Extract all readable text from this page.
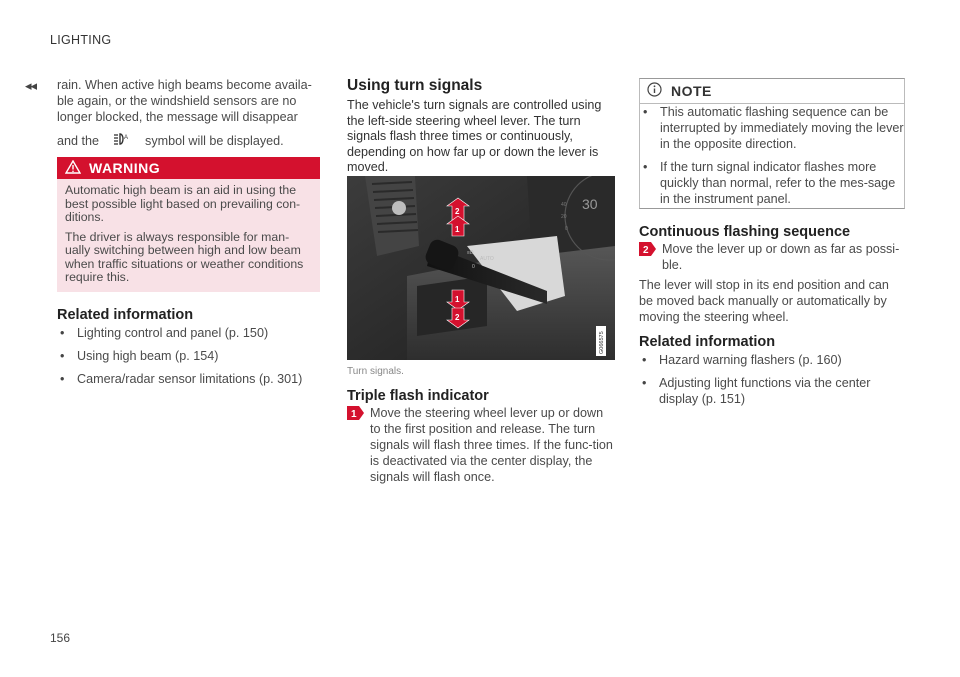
LIGHTING
◂◂
156

rain. When active high beams become availa-ble again, or the windshield sensors are no longer blocked, the message will disappear

and the	A symbol will be displayed.

WARNING

Automatic high beam is an aid in using the best possible light based on prevailing con-ditions.

The driver is always responsible for man-ually switching between high and low beam when traffic situations or weather conditions require this.

Related information
• Lighting control and panel (p. 150)
• Using high beam (p. 154)
• Camera/radar sensor limitations (p. 301)
Using turn signals

The vehicle's turn signals are controlled using the left-side steering wheel lever. The turn signals flash three times or continuously, depending on how far up or down the lever is moved.

30
40
20
0
≡D
AUTO
0
2
1
1
2
G066575
Turn signals.
Triple flash indicator
1 Move the steering wheel lever up or down to the first position and release. The turn signals will flash three times. If the func-tion is deactivated via the center display, the signals will flash once.
NOTE
• This automatic flashing sequence can be interrupted by immediately moving the lever in the opposite direction.
• If the turn signal indicator flashes more quickly than normal, refer to the mes-sage in the instrument panel.
Continuous flashing sequence
2 Move the lever up or down as far as possi-ble.

The lever will stop in its end position and can be moved back manually or automatically by moving the steering wheel.

Related information
• Hazard warning flashers (p. 160)
• Adjusting light functions via the center display (p. 151)
